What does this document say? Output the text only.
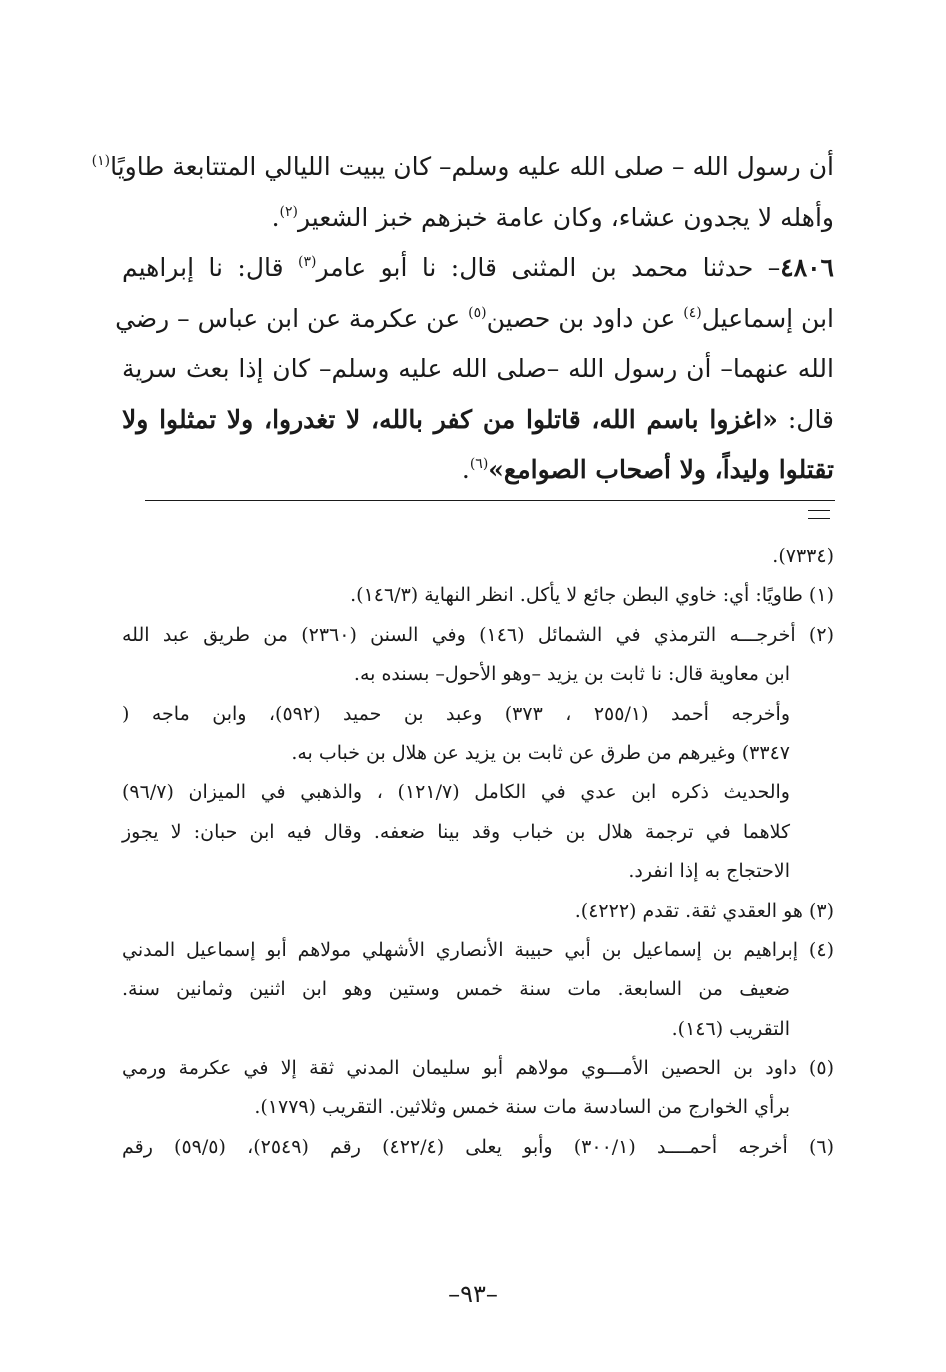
أن رسول الله – صلى الله عليه وسلم– كان يبيت الليالي المتتابعة طاويًا$^{(١)}$
وأهله لا يجدون عشاء، وكان عامة خبزهم خبز الشعير$^{(٢)}$.
٤٨٠٦– حدثنا محمد بن المثنى قال: نا أبو عامر$^{(٣)}$ قال: نا إبراهيم
ابن إسماعيل$^{(٤)}$ عن داود بن حصين$^{(٥)}$ عن عكرمة عن ابن عباس – رضي
الله عنهما– أن رسول الله –صلى الله عليه وسلم– كان إذا بعث سرية
قال: «اغزوا باسم الله، قاتلوا من كفر بالله، لا تغدروا، ولا تمثلوا ولا
تقتلوا وليداً، ولا أصحاب الصوامع»$^{(٦)}$.
(٧٣٣٤).
(١) طاويًا: أي: خاوي البطن جائع لا يأكل. انظر النهاية (١٤٦/٣).
(٢) أخرجـــه الترمذي في الشمائل (١٤٦) وفي السنن (٢٣٦٠) من طريق عبد الله
ابن معاوية قال: نا ثابت بن يزيد –وهو الأحول– بسنده به.
وأخرجه أحمد (٢٥٥/١ ، ٣٧٣) وعبد بن حميد (٥٩٢)، وابن ماجه (
٣٣٤٧) وغيرهم من طرق عن ثابت بن يزيد عن هلال بن خباب به.
والحديث ذكره ابن عدي في الكامل (١٢١/٧) ، والذهبي في الميزان (٩٦/٧)
كلاهما في ترجمة هلال بن خباب وقد بينا ضعفه. وقال فيه ابن حبان: لا يجوز
الاحتجاج به إذا انفرد.
(٣) هو العقدي ثقة. تقدم (٤٢٢٢).
(٤) إبراهيم بن إسماعيل بن أبي حبيبة الأنصاري الأشهلي مولاهم أبو إسماعيل المدني
ضعيف من السابعة. مات سنة خمس وستين وهو ابن اثنين وثمانين سنة.
التقريب (١٤٦).
(٥) داود بن الحصين الأمـــوي مولاهم أبو سليمان المدني ثقة إلا في عكرمة ورمي
برأي الخوارج من السادسة مات سنة خمس وثلاثين. التقريب (١٧٧٩).
(٦) أخرجه أحمــــد (٣٠٠/١) وأبو يعلى (٤٢٢/٤) رقم (٢٥٤٩)، (٥٩/٥) رقم
–٩٣–
